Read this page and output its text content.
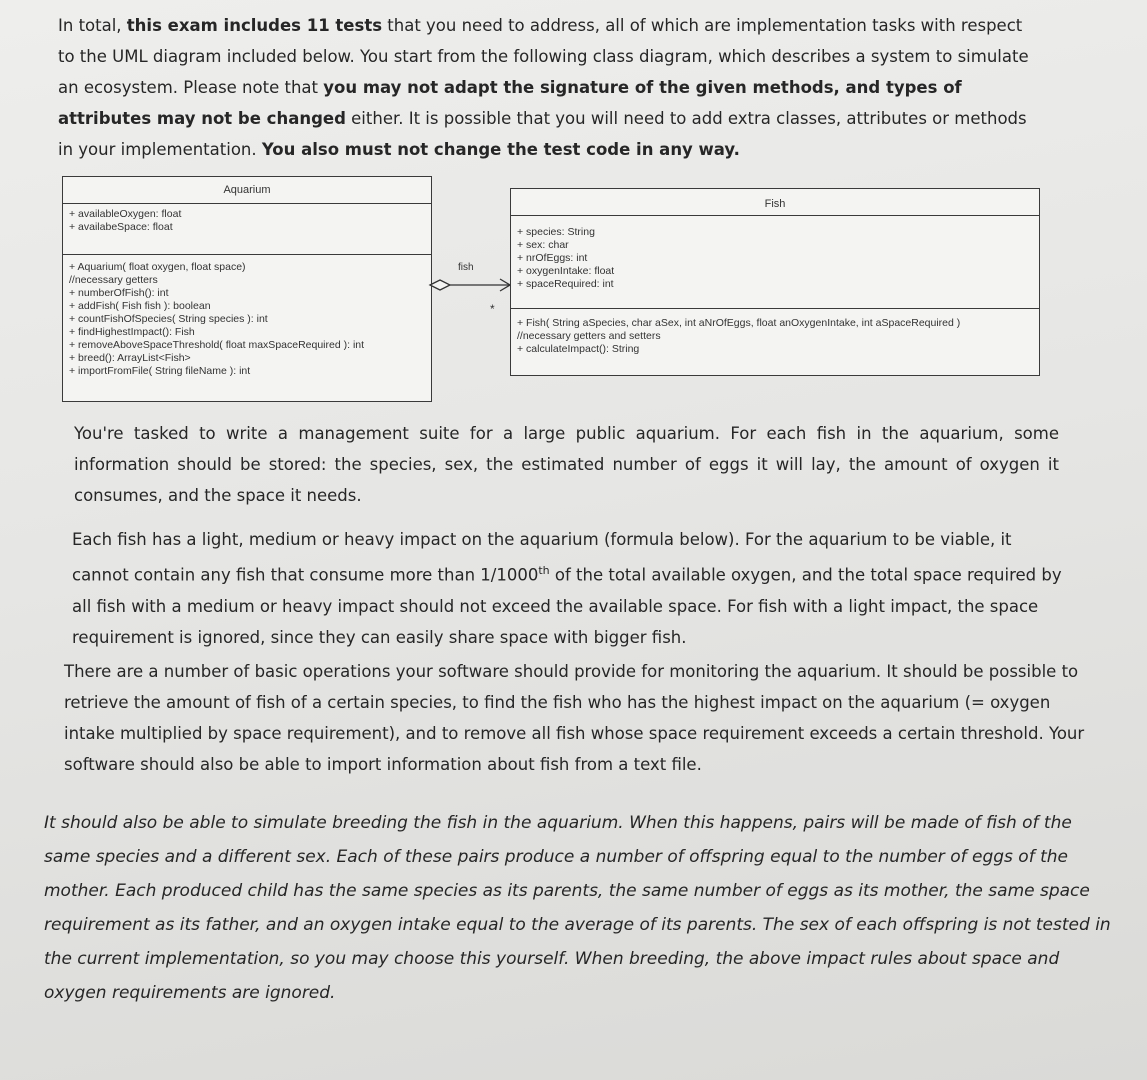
In total, this exam includes 11 tests that you need to address, all of which are implementation tasks with respect to the UML diagram included below. You start from the following class diagram, which describes a system to simulate an ecosystem. Please note that you may not adapt the signature of the given methods, and types of attributes may not be changed either. It is possible that you will need to add extra classes, attributes or methods in your implementation. You also must not change the test code in any way.

Aquarium
+ availableOxygen: float
+ availabeSpace: float
+ Aquarium( float oxygen, float space)
//necessary getters
+ numberOfFish(): int
+ addFish( Fish fish ): boolean
+ countFishOfSpecies( String species ): int
+ findHighestImpact(): Fish
+ removeAboveSpaceThreshold( float maxSpaceRequired ): int
+ breed(): ArrayList<Fish>
+ importFromFile( String fileName ): int
*
fish
Fish
+ species: String
+ sex: char
+ nrOfEggs: int
+ oxygenIntake: float
+ spaceRequired: int
+ Fish( String aSpecies, char aSex, int aNrOfEggs, float anOxygenIntake, int aSpaceRequired )
//necessary getters and setters
+ calculateImpact(): String

You're tasked to write a management suite for a large public aquarium. For each fish in the aquarium, some information should be stored: the species, sex, the estimated number of eggs it will lay, the amount of oxygen it consumes, and the space it needs.

Each fish has a light, medium or heavy impact on the aquarium (formula below). For the aquarium to be viable, it cannot contain any fish that consume more than 1/1000th of the total available oxygen, and the total space required by all fish with a medium or heavy impact should not exceed the available space. For fish with a light impact, the space requirement is ignored, since they can easily share space with bigger fish.

There are a number of basic operations your software should provide for monitoring the aquarium. It should be possible to retrieve the amount of fish of a certain species, to find the fish who has the highest impact on the aquarium (= oxygen intake multiplied by space requirement), and to remove all fish whose space requirement exceeds a certain threshold. Your software should also be able to import information about fish from a text file.

It should also be able to simulate breeding the fish in the aquarium. When this happens, pairs will be made of fish of the same species and a different sex. Each of these pairs produce a number of offspring equal to the number of eggs of the mother. Each produced child has the same species as its parents, the same number of eggs as its mother, the same space requirement as its father, and an oxygen intake equal to the average of its parents. The sex of each offspring is not tested in the current implementation, so you may choose this yourself. When breeding, the above impact rules about space and oxygen requirements are ignored.
